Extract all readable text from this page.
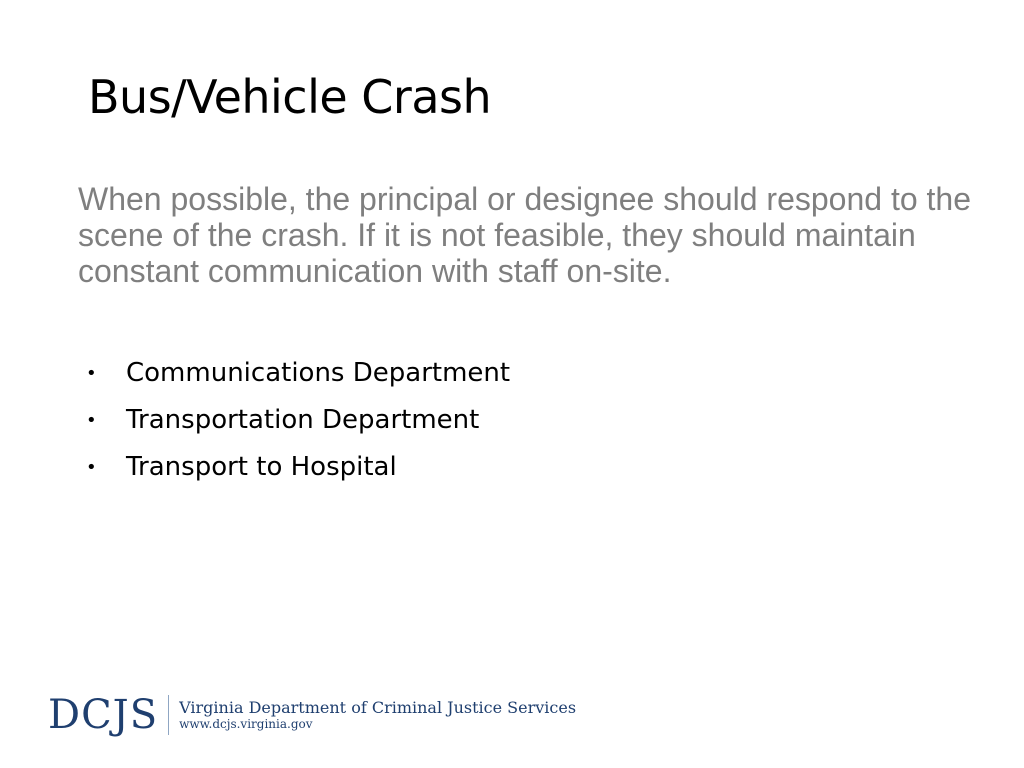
Bus/Vehicle Crash

When possible, the principal or designee should respond to the scene of the crash. If it is not feasible, they should maintain constant communication with staff on-site.

• Communications Department
• Transportation Department
• Transport to Hospital
DCJS Virginia Department of Criminal Justice Services
www.dcjs.virginia.gov
